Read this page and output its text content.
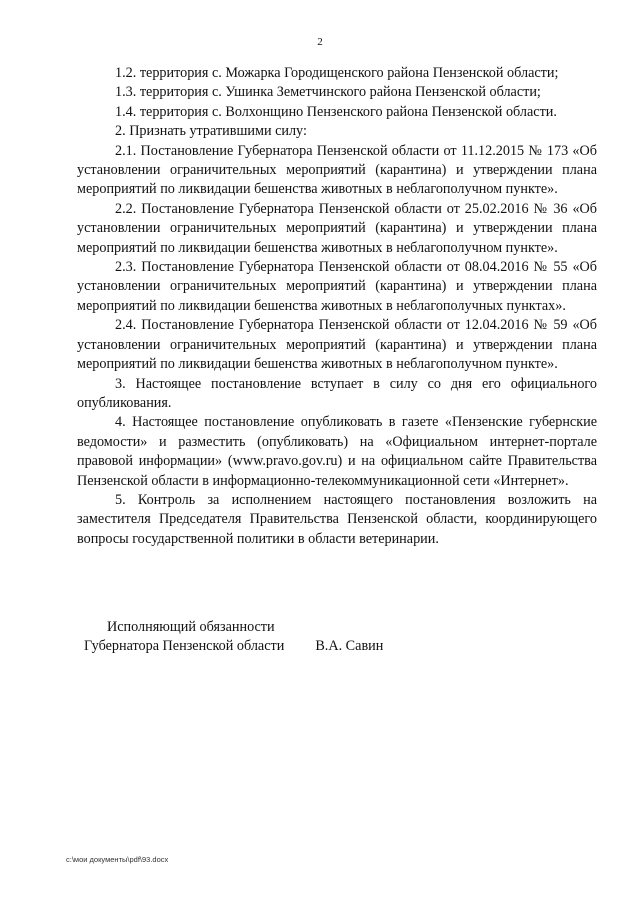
2

1.2. территория с. Можарка Городищенского района Пензенской области;

1.3. территория с. Ушинка Земетчинского района Пензенской области;

1.4. территория с. Волхонщино Пензенского района Пензенской области.

2. Признать утратившими силу:

2.1. Постановление Губернатора Пензенской области от 11.12.2015 № 173 «Об установлении ограничительных мероприятий (карантина) и утверждении плана мероприятий по ликвидации бешенства животных в неблагополучном пункте».

2.2. Постановление Губернатора Пензенской области от 25.02.2016 № 36 «Об установлении ограничительных мероприятий (карантина) и утверждении плана мероприятий по ликвидации бешенства животных в неблагополучном пункте».

2.3. Постановление Губернатора Пензенской области от 08.04.2016 № 55 «Об установлении ограничительных мероприятий (карантина) и утверждении плана мероприятий по ликвидации бешенства животных в неблагополучных пунктах».

2.4. Постановление Губернатора Пензенской области от 12.04.2016 № 59 «Об установлении ограничительных мероприятий (карантина) и утверждении плана мероприятий по ликвидации бешенства животных в неблагополучном пункте».

3. Настоящее постановление вступает в силу со дня его официального опубликования.

4. Настоящее постановление опубликовать в газете «Пензенские губернские ведомости» и разместить (опубликовать) на «Официальном интернет-портале правовой информации» (www.pravo.gov.ru) и на официальном сайте Правительства Пензенской области в информационно-телекоммуникационной сети «Интернет».

5. Контроль за исполнением настоящего постановления возложить на заместителя Председателя Правительства Пензенской области, координирующего вопросы государственной политики в области ветеринарии.

Исполняющий обязанности
Губернатора Пензенской области В.А. Савин
c:\мои документы\pdf\93.docx
